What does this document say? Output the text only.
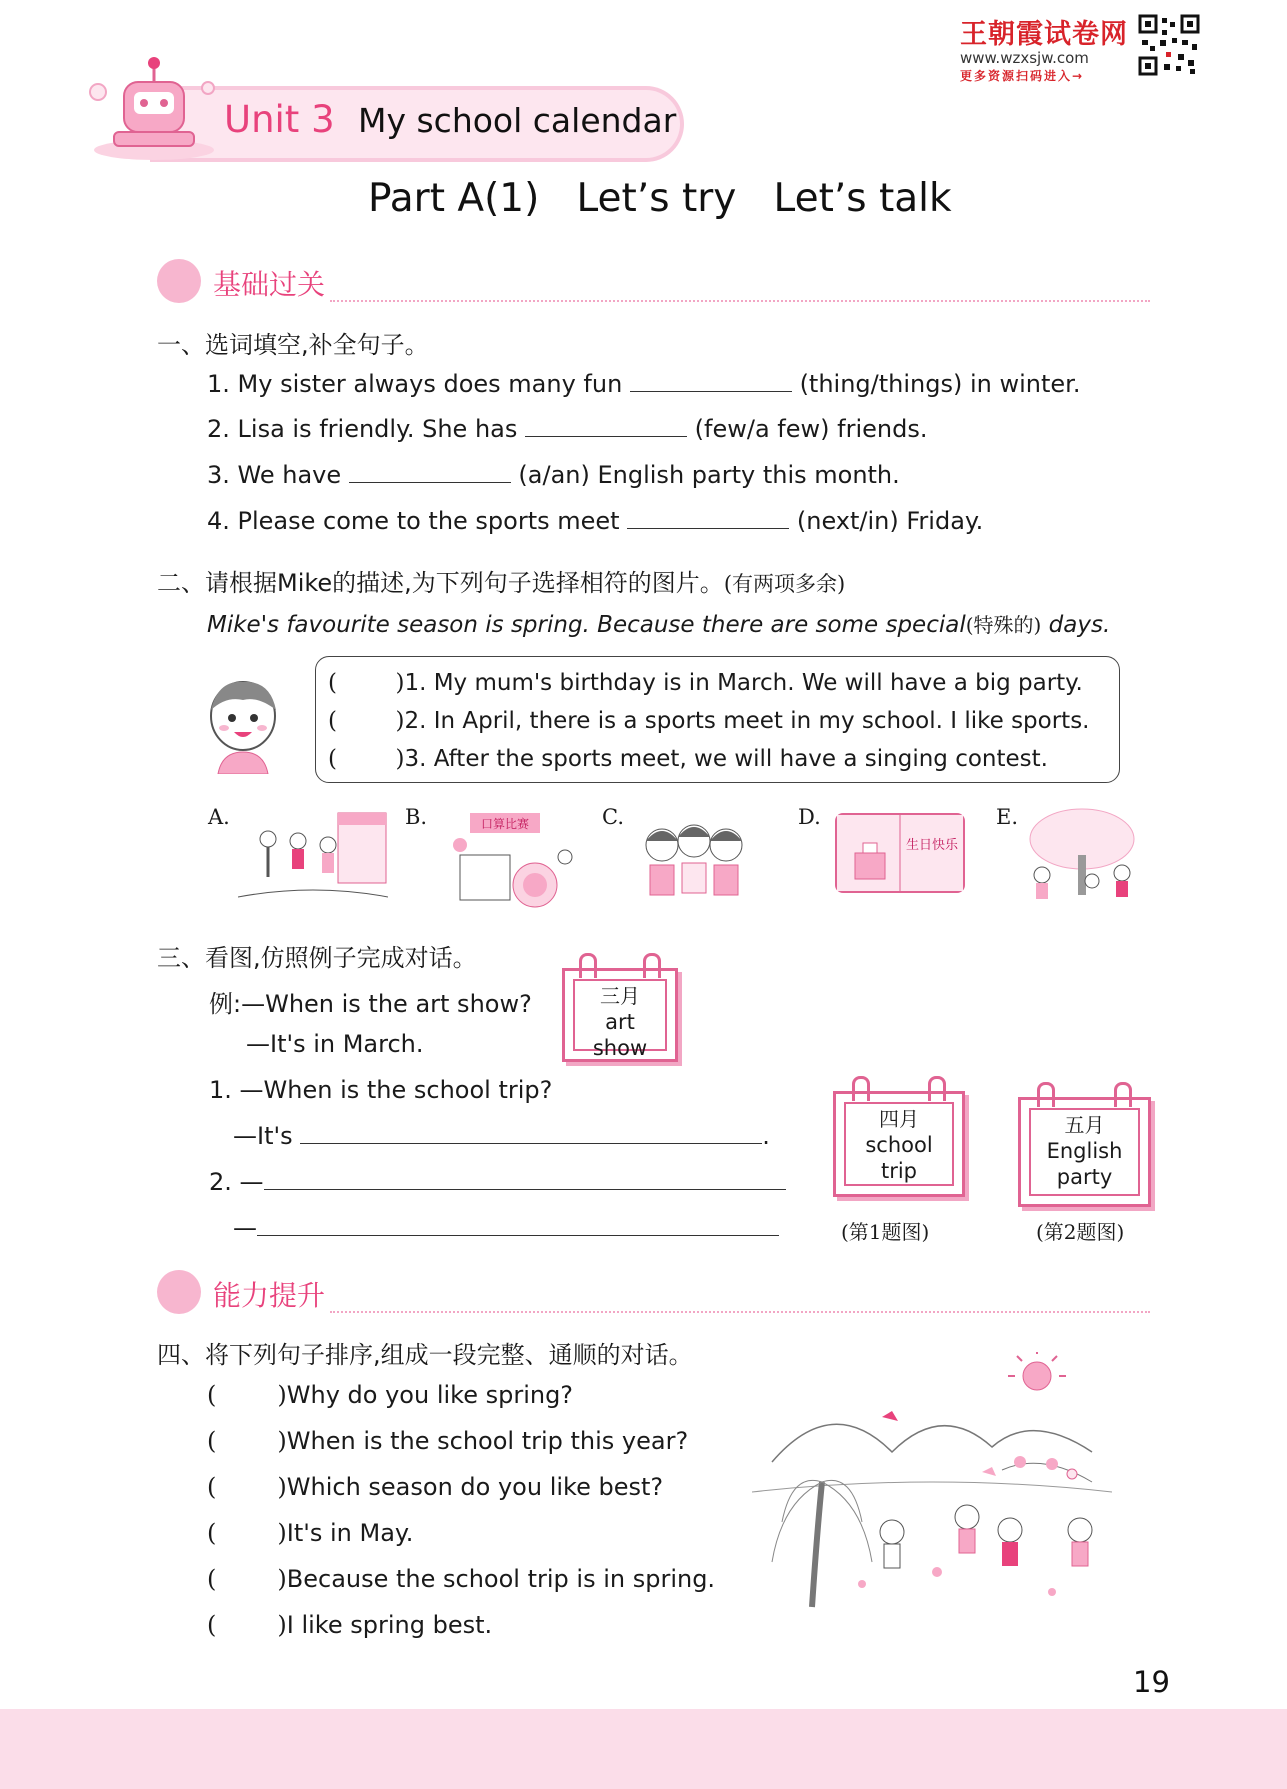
王朝霞试卷网
www.wzxsjw.com
更多资源扫码进入→
Unit 3 My school calendar
Part A(1)   Let’s try   Let’s talk
基础过关
一、选词填空,补全句子。
1. My sister always does many fun	(thing/things) in winter.
2. Lisa is friendly. She has	(few/a few) friends.
3. We have	(a/an) English party this month.
4. Please come to the sports meet	(next/in) Friday.
二、请根据Mike的描述,为下列句子选择相符的图片。(有两项多余)
Mike's favourite season is spring. Because there are some special(特殊的) days.
(        )1. My mum's birthday is in March. We will have a big party.
(        )2. In April, there is a sports meet in my school. I like sports.
(        )3. After the sports meet, we will have a singing contest.
A.	B.	口算比赛	C.	D.
生日快乐
E.
三、看图,仿照例子完成对话。
例:—When is the art show?
—It's in March.
1. —When is the school trip?
—It's	.
2. —
—
三月
art
show
四月
school
trip
五月
English
party
(第1题图)	(第2题图)
能力提升
四、将下列句子排序,组成一段完整、通顺的对话。
(        )Why do you like spring?
(        )When is the school trip this year?
(        )Which season do you like best?
(        )It's in May.
(        )Because the school trip is in spring.
(        )I like spring best.
19
